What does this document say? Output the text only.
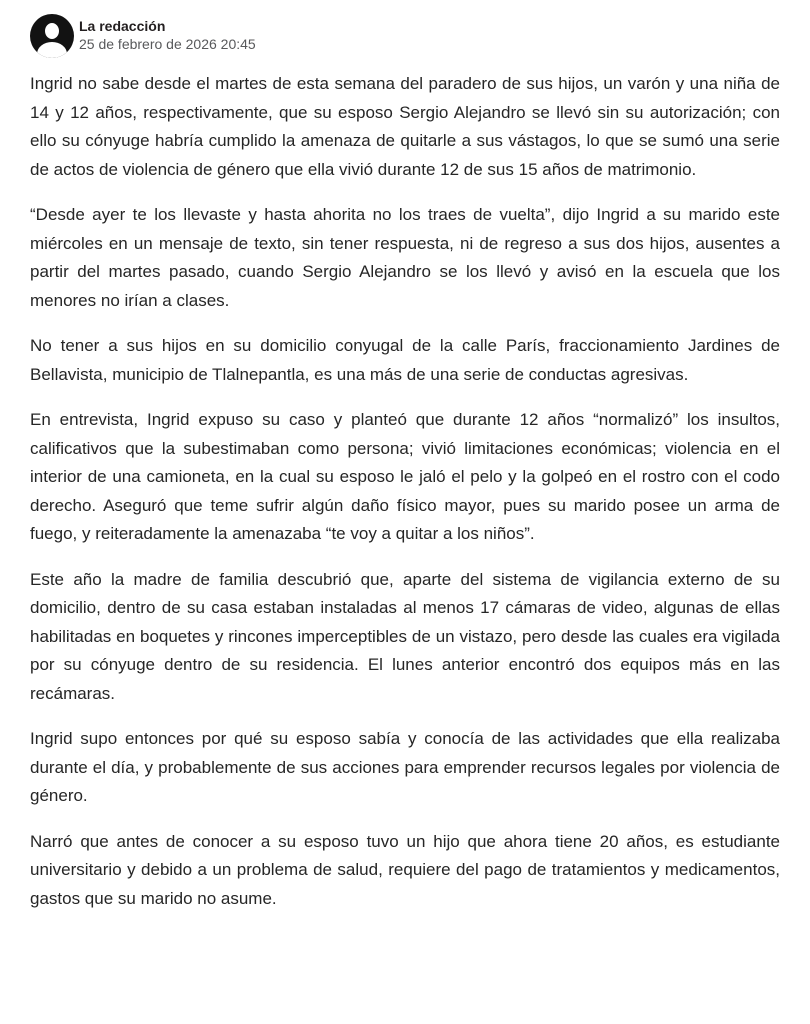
La redacción
25 de febrero de 2026 20:45

Ingrid no sabe desde el martes de esta semana del paradero de sus hijos, un varón y una niña de 14 y 12 años, respectivamente, que su esposo Sergio Alejandro se llevó sin su autorización; con ello su cónyuge habría cumplido la amenaza de quitarle a sus vástagos, lo que se sumó una serie de actos de violencia de género que ella vivió durante 12 de sus 15 años de matrimonio.

“Desde ayer te los llevaste y hasta ahorita no los traes de vuelta”, dijo Ingrid a su marido este miércoles en un mensaje de texto, sin tener respuesta, ni de regreso a sus dos hijos, ausentes a partir del martes pasado, cuando Sergio Alejandro se los llevó y avisó en la escuela que los menores no irían a clases.

No tener a sus hijos en su domicilio conyugal de la calle París, fraccionamiento Jardines de Bellavista, municipio de Tlalnepantla, es una más de una serie de conductas agresivas.

En entrevista, Ingrid expuso su caso y planteó que durante 12 años “normalizó” los insultos, calificativos que la subestimaban como persona; vivió limitaciones económicas; violencia en el interior de una camioneta, en la cual su esposo le jaló el pelo y la golpeó en el rostro con el codo derecho. Aseguró que teme sufrir algún daño físico mayor, pues su marido posee un arma de fuego, y reiteradamente la amenazaba “te voy a quitar a los niños”.

Este año la madre de familia descubrió que, aparte del sistema de vigilancia externo de su domicilio, dentro de su casa estaban instaladas al menos 17 cámaras de video, algunas de ellas habilitadas en boquetes y rincones imperceptibles de un vistazo, pero desde las cuales era vigilada por su cónyuge dentro de su residencia. El lunes anterior encontró dos equipos más en las recámaras.

Ingrid supo entonces por qué su esposo sabía y conocía de las actividades que ella realizaba durante el día, y probablemente de sus acciones para emprender recursos legales por violencia de género.

Narró que antes de conocer a su esposo tuvo un hijo que ahora tiene 20 años, es estudiante universitario y debido a un problema de salud, requiere del pago de tratamientos y medicamentos, gastos que su marido no asume.
